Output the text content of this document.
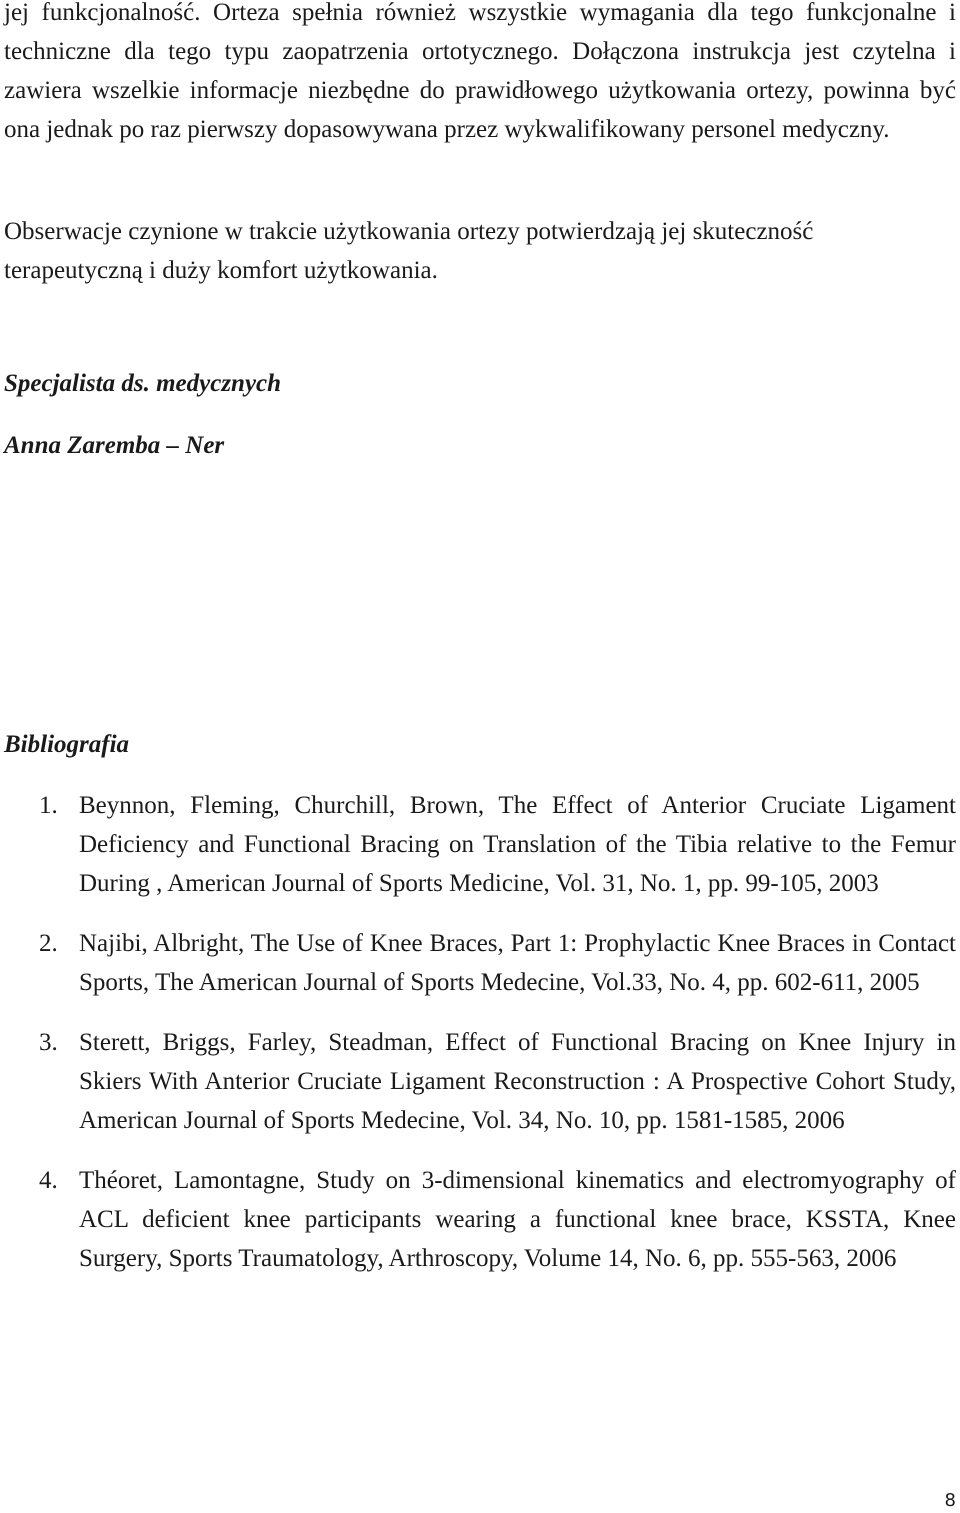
jej funkcjonalność. Orteza spełnia również wszystkie wymagania dla tego funkcjonalne i techniczne dla tego typu zaopatrzenia ortotycznego. Dołączona instrukcja jest czytelna i zawiera wszelkie informacje niezbędne do prawidłowego użytkowania ortezy, powinna być ona jednak po raz pierwszy dopasowywana przez wykwalifikowany personel medyczny.

Obserwacje czynione w trakcie użytkowania ortezy potwierdzają jej skuteczność terapeutyczną i duży komfort użytkowania.

Specjalista ds. medycznych

Anna Zaremba – Ner

Bibliografia
1. Beynnon, Fleming, Churchill, Brown, The Effect of Anterior Cruciate Ligament Deficiency and Functional Bracing on Translation of the Tibia relative to the Femur During , American Journal of Sports Medicine, Vol. 31, No. 1, pp. 99-105, 2003
2. Najibi, Albright, The Use of Knee Braces, Part 1: Prophylactic Knee Braces in Contact Sports, The American Journal of Sports Medecine, Vol.33, No. 4, pp. 602-611, 2005
3. Sterett, Briggs, Farley, Steadman, Effect of Functional Bracing on Knee Injury in Skiers With Anterior Cruciate Ligament Reconstruction : A Prospective Cohort Study, American Journal of Sports Medecine, Vol. 34, No. 10, pp. 1581-1585, 2006
4. Théoret, Lamontagne, Study on 3-dimensional kinematics and electromyography of ACL deficient knee participants wearing a functional knee brace, KSSTA, Knee Surgery, Sports Traumatology, Arthroscopy, Volume 14, No. 6, pp. 555-563, 2006

8
